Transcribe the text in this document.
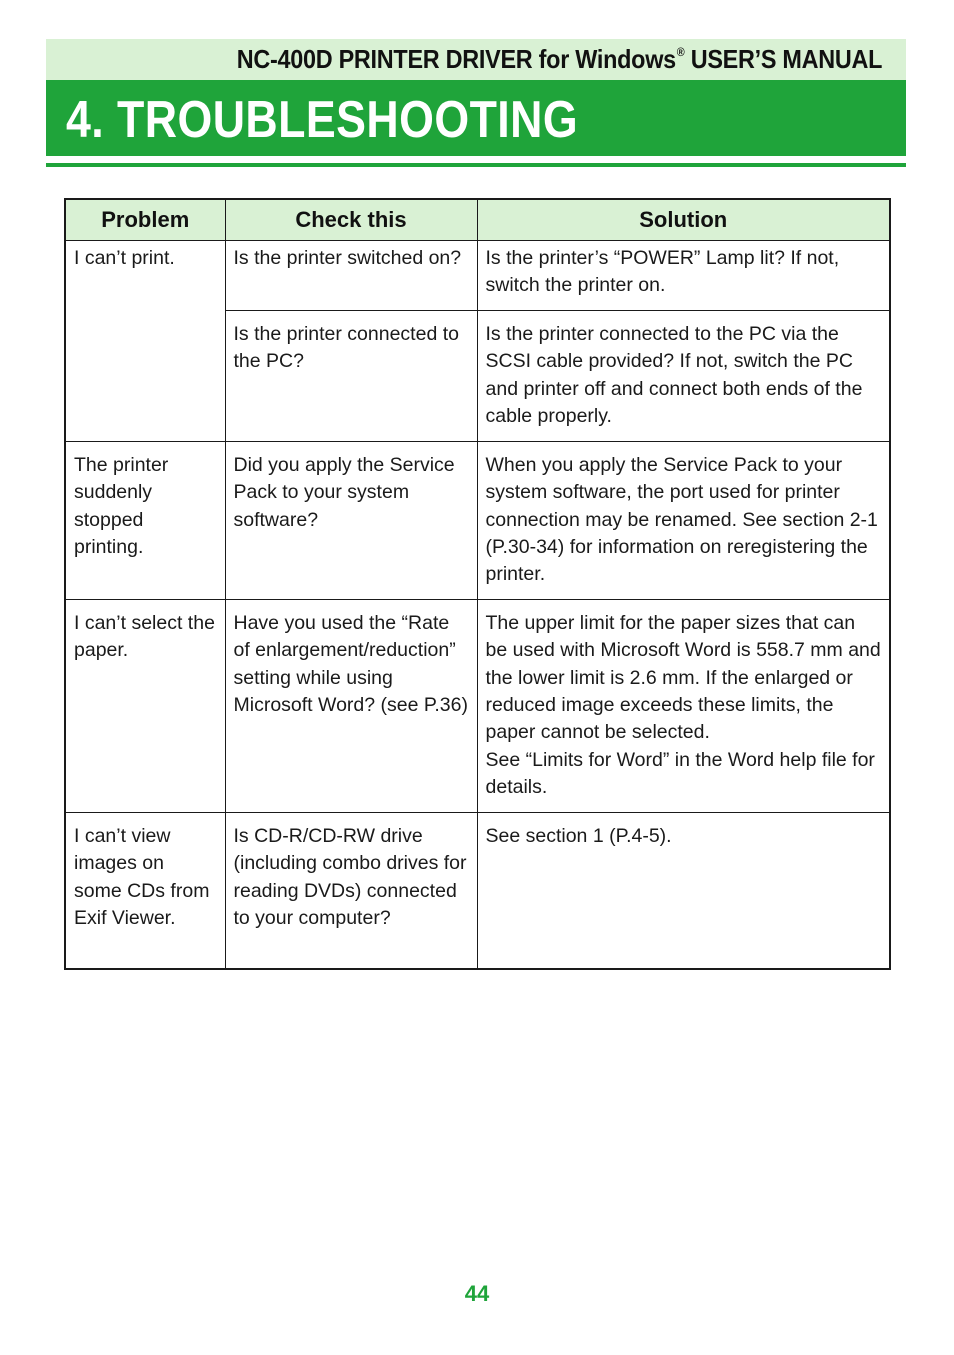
NC-400D PRINTER DRIVER for Windows® USER’S MANUAL
4. TROUBLESHOOTING
Problem	Check this	Solution
I can’t print.	Is the printer switched on?	Is the printer’s “POWER” Lamp lit? If not, switch the printer on.
	Is the printer connected to the PC?	Is the printer connected to the PC via the SCSI cable provided? If not, switch the PC and printer off and connect both ends of the cable properly.
The printer suddenly stopped printing.	Did you apply the Service Pack to your system software?	When you apply the Service Pack to your system software, the port used for printer connection may be renamed. See section 2-1 (P.30-34) for information on reregistering the printer.
I can’t select the paper.	Have you used the “Rate of enlargement/reduction” setting while using Microsoft Word? (see P.36)	The upper limit for the paper sizes that can be used with Microsoft Word is 558.7 mm and the lower limit is 2.6 mm. If the enlarged or reduced image exceeds these limits, the paper cannot be selected.
See “Limits for Word” in the Word help file for details.
I can’t view images on some CDs from Exif Viewer.	Is CD-R/CD-RW drive (including combo drives for reading DVDs) connected to your computer?	See section 1 (P.4-5).
44
